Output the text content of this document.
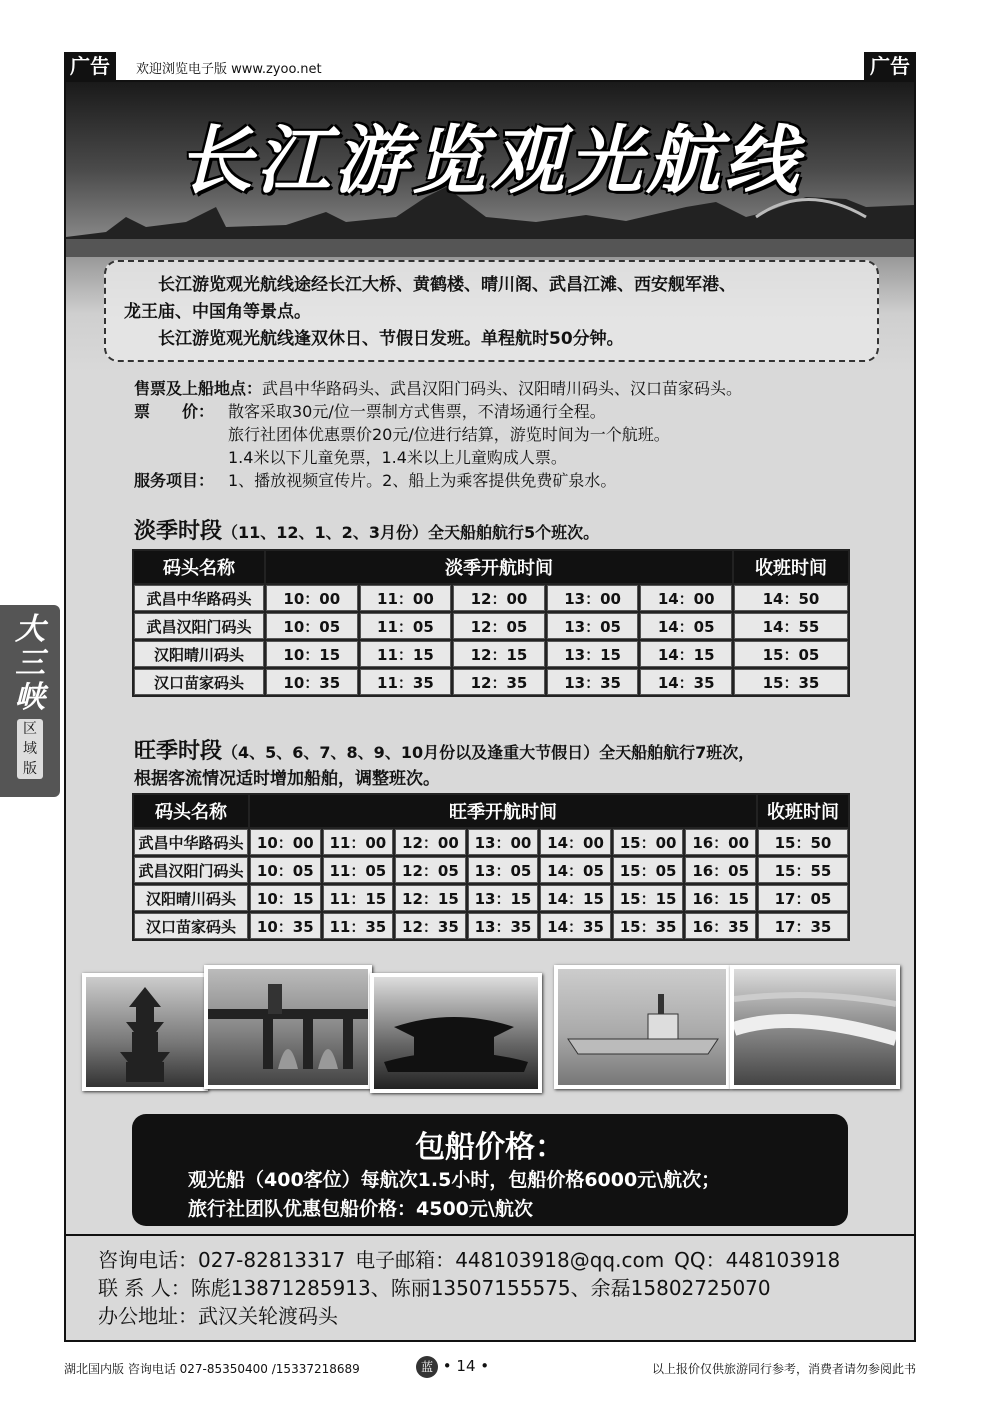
广告	欢迎浏览电子版 www.zyoo.net	广告
大
三
峡
区
域
版
长江游览观光航线

长江游览观光航线途经长江大桥、黄鹤楼、晴川阁、武昌江滩、西安舰军港、

龙王庙、中国角等景点。

长江游览观光航线逢双休日、节假日发班。单程航时50分钟。

售票及上船地点： 武昌中华路码头、武昌汉阳门码头、汉阳晴川码头、汉口苗家码头。
票　　价： 散客采取30元/位一票制方式售票，不清场通行全程。
旅行社团体优惠票价20元/位进行结算，游览时间为一个航班。
1.4米以下儿童免票，1.4米以上儿童购成人票。
服务项目： 1、播放视频宣传片。2、船上为乘客提供免费矿泉水。
淡季时段（11、12、1、2、3月份）全天船舶航行5个班次。
码头名称	淡季开航时间					收班时间
武昌中华路码头	10：00	11：00	12：00	13：00	14：00	14：50
武昌汉阳门码头	10：05	11：05	12：05	13：05	14：05	14：55
汉阳晴川码头	10：15	11：15	12：15	13：15	14：15	15：05
汉口苗家码头	10：35	11：35	12：35	13：35	14：35	15：35
旺季时段（4、5、6、7、8、9、10月份以及逢重大节假日）全天船舶航行7班次，
根据客流情况适时增加船舶，调整班次。
码头名称	旺季开航时间							收班时间
武昌中华路码头	10：00	11：00	12：00	13：00	14：00	15：00	16：00	15：50
武昌汉阳门码头	10：05	11：05	12：05	13：05	14：05	15：05	16：05	15：55
汉阳晴川码头	10：15	11：15	12：15	13：15	14：15	15：15	16：15	17：05
汉口苗家码头	10：35	11：35	12：35	13：35	14：35	15：35	16：35	17：35
包船价格：
观光船（400客位）每航次1.5小时，包船价格6000元\航次；
旅行社团队优惠包船价格：4500元\航次
咨询电话：027-82813317 电子邮箱：448103918@qq.com QQ：448103918
联 系 人：陈彪13871285913、陈丽13507155575、余磊15802725070
办公地址：武汉关轮渡码头
湖北国内版 咨询电话 027-85350400 /15337218689	蓝 • 14 •	以上报价仅供旅游同行参考，消费者请勿参阅此书
